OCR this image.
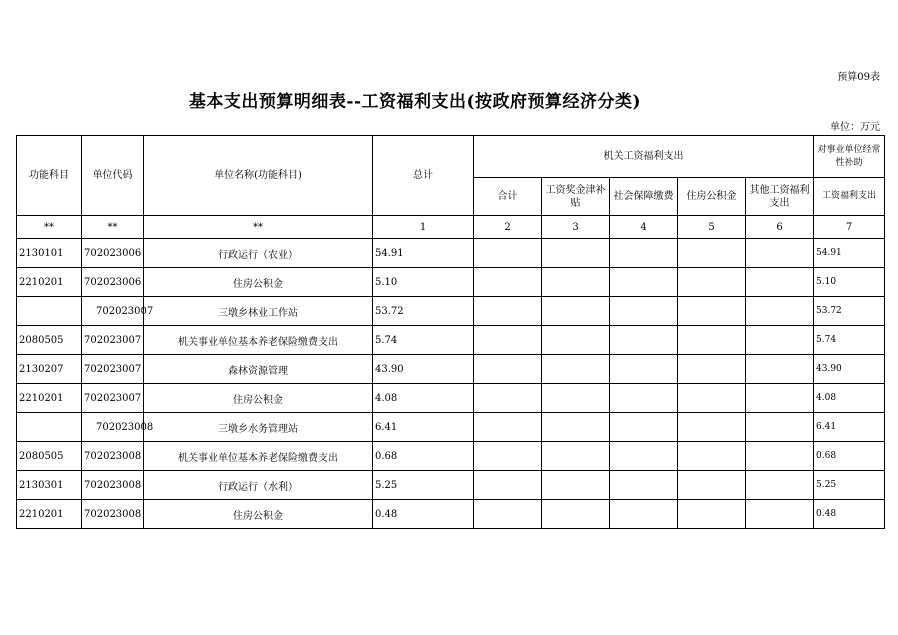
预算09表
基本支出预算明细表--工资福利支出(按政府预算经济分类)
单位：万元
功能科目	单位代码	单位名称(功能科目)	总计	机关工资福利支出					对事业单位经常性补助
				合计	工资奖金津补贴	社会保障缴费	住房公积金	其他工资福利支出	工资福利支出
**	**	**	1	2	3	4	5	6	7
2130101	702023006	行政运行（农业）	54.91						54.91
2210201	702023006	住房公积金	5.10						5.10
	702023007	三墩乡林业工作站	53.72						53.72
2080505	702023007	机关事业单位基本养老保险缴费支出	5.74						5.74
2130207	702023007	森林资源管理	43.90						43.90
2210201	702023007	住房公积金	4.08						4.08
	702023008	三墩乡水务管理站	6.41						6.41
2080505	702023008	机关事业单位基本养老保险缴费支出	0.68						0.68
2130301	702023008	行政运行（水利）	5.25						5.25
2210201	702023008	住房公积金	0.48						0.48
